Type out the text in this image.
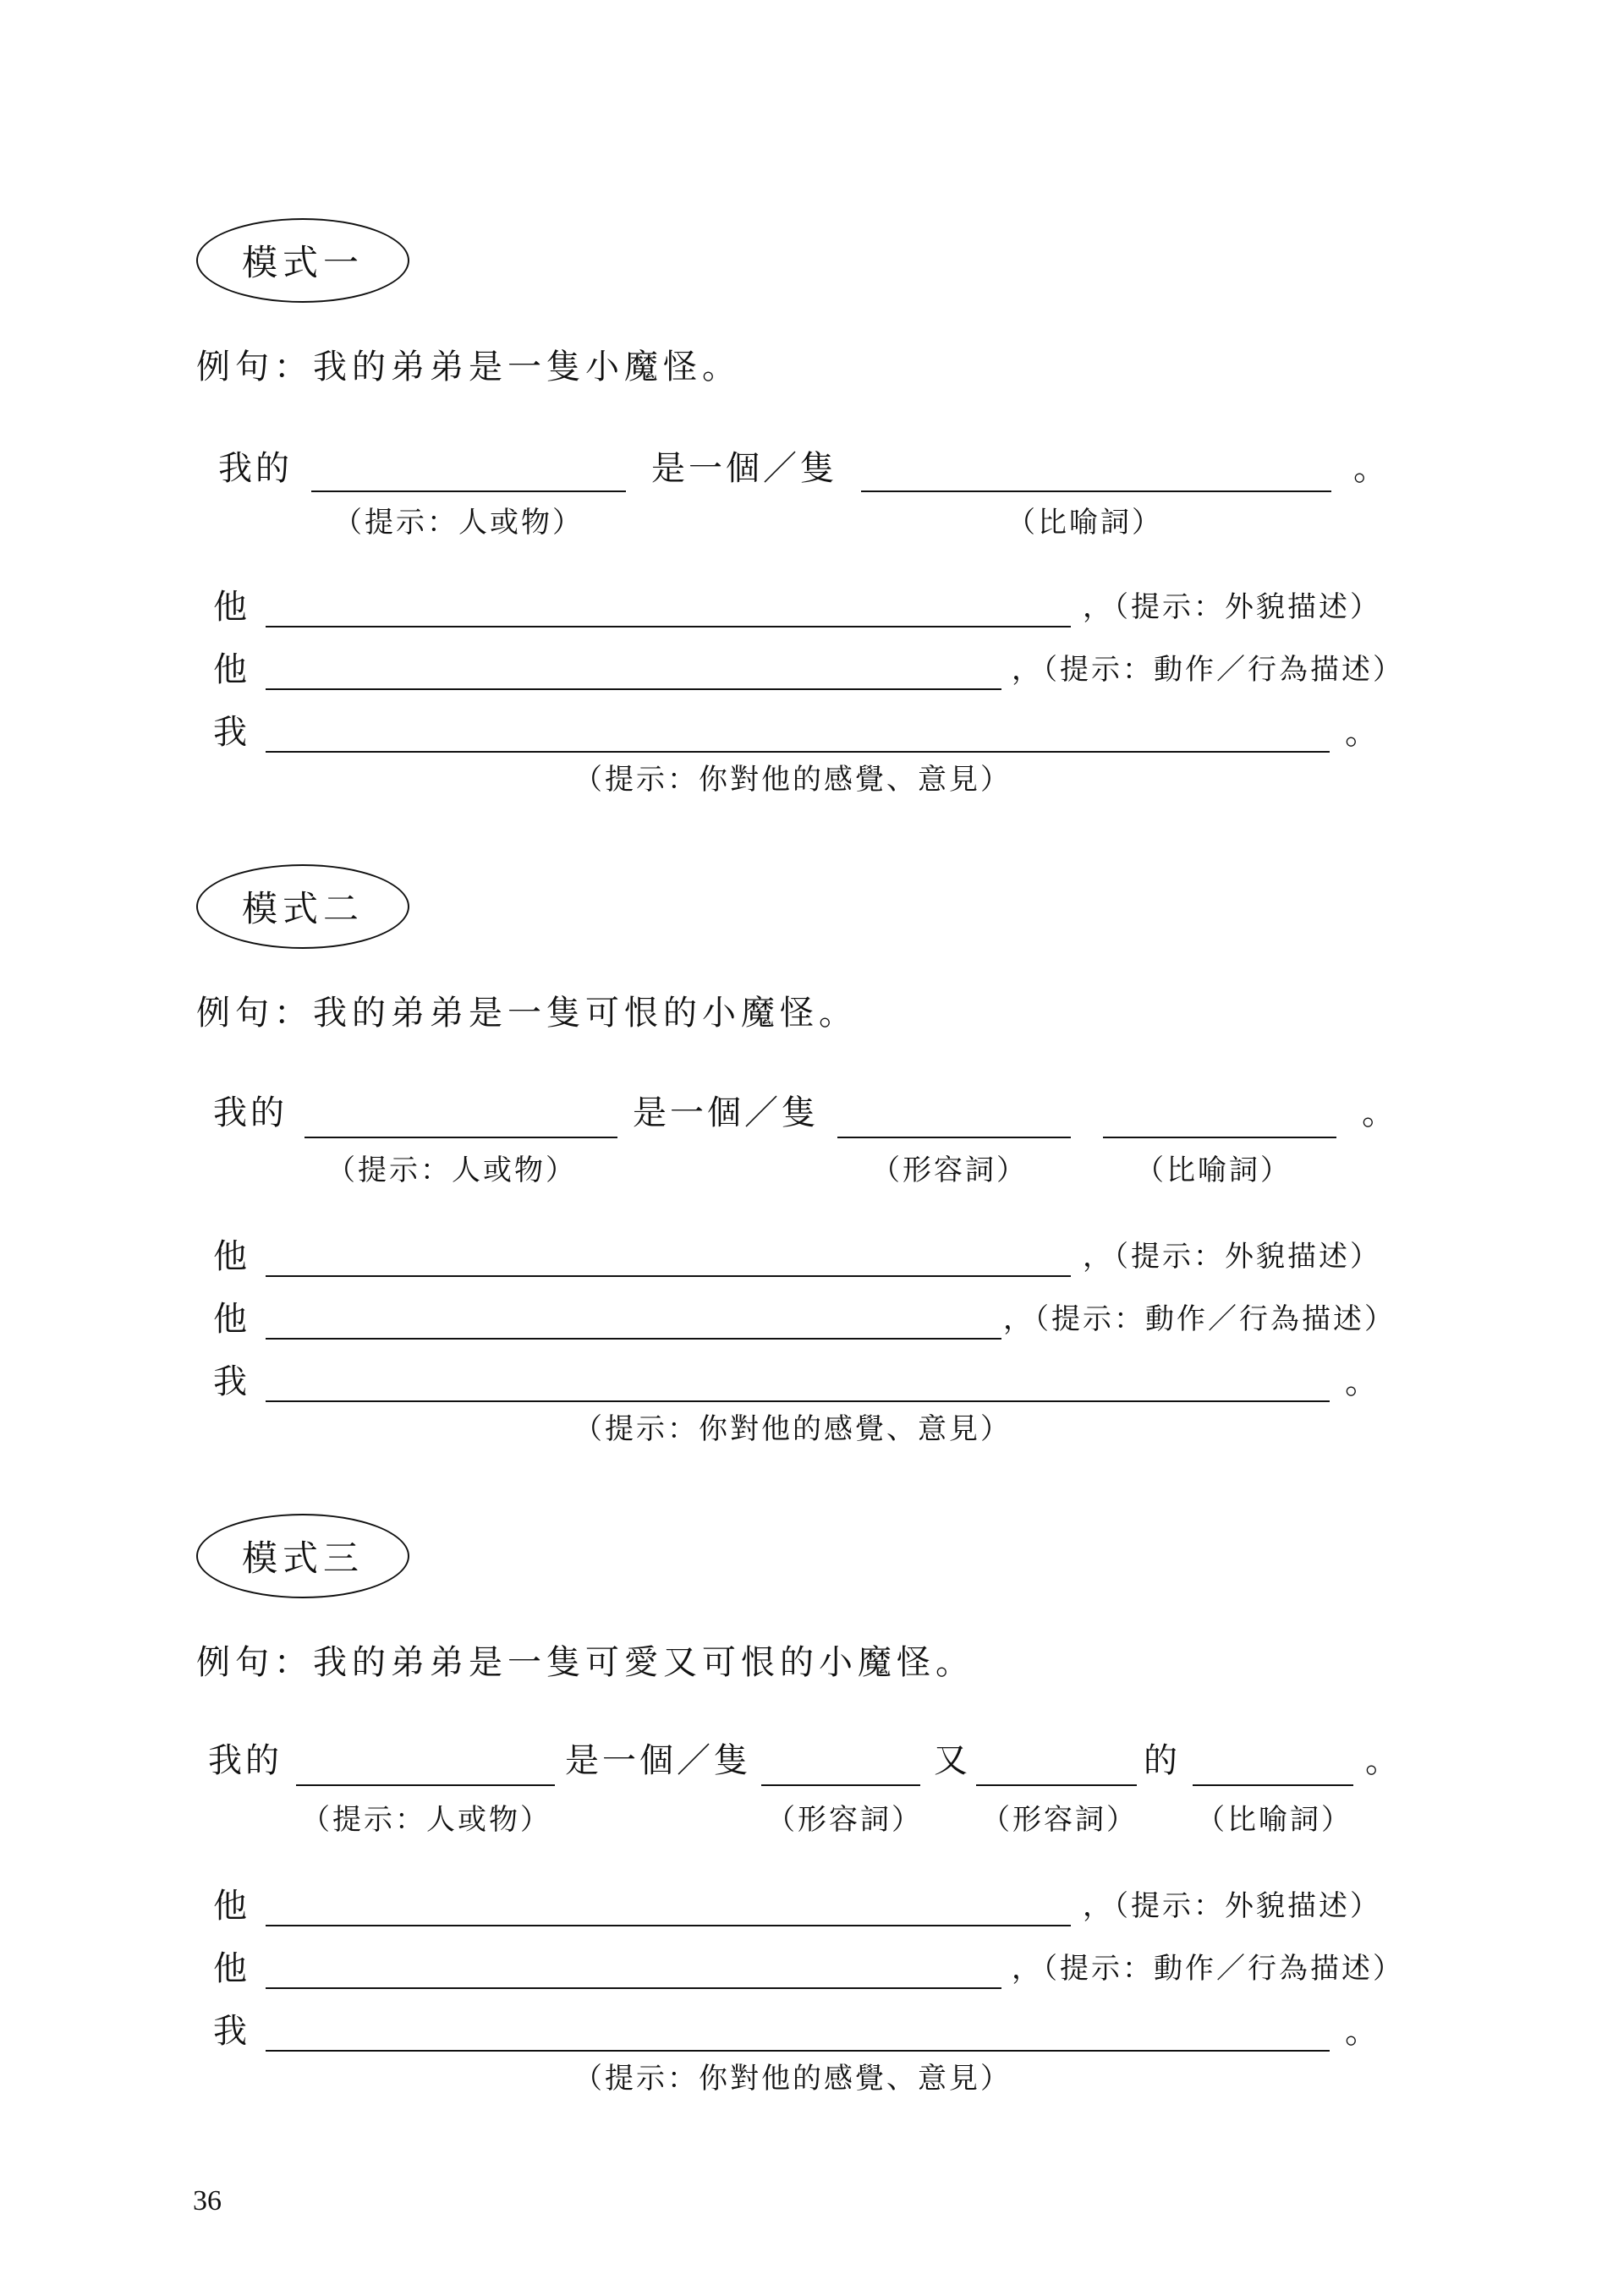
模式一
例句：我的弟弟是一隻小魔怪。
我的	是一個／隻	。
（提示：人或物）	（比喻詞）
他	，（提示：外貌描述）
他	，（提示：動作／行為描述）
我	。
（提示：你對他的感覺、意見）
模式二
例句：我的弟弟是一隻可恨的小魔怪。
我的	是一個／隻	。
（提示：人或物）	（形容詞）	（比喻詞）
他	，（提示：外貌描述）
他	，（提示：動作／行為描述）
我	。
（提示：你對他的感覺、意見）
模式三
例句：我的弟弟是一隻可愛又可恨的小魔怪。
我的	是一個／隻	又	的	。
（提示：人或物）	（形容詞） （形容詞） （比喻詞）
他	，（提示：外貌描述）
他	，（提示：動作／行為描述）
我	。
（提示：你對他的感覺、意見）
36
